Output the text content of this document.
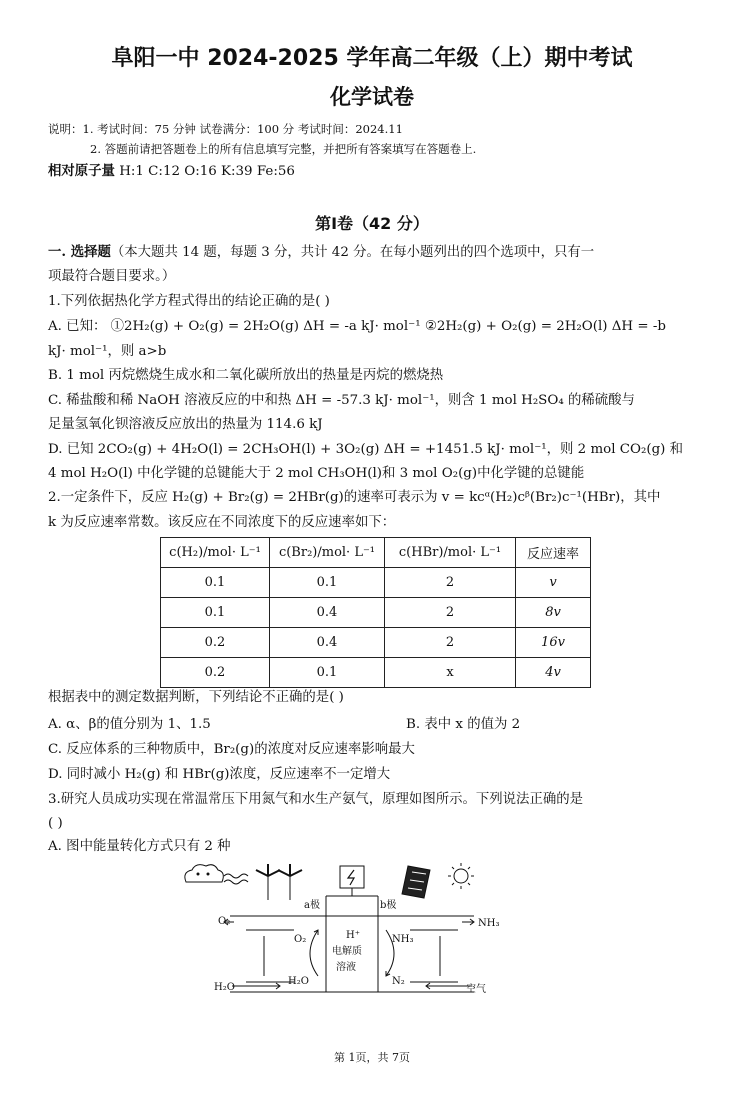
阜阳一中 2024-2025 学年高二年级（上）期中考试
化学试卷
说明：1. 考试时间：75 分钟 试卷满分：100 分 考试时间：2024.11
2. 答题前请把答题卷上的所有信息填写完整，并把所有答案填写在答题卷上.
相对原子量 H:1 C:12 O:16 K:39 Fe:56
第Ⅰ卷（42 分）
一. 选择题（本大题共 14 题，每题 3 分，共计 42 分。在每小题列出的四个选项中，只有一
项最符合题目要求。）
1.下列依据热化学方程式得出的结论正确的是( )
A. 已知： ①2H₂(g) + O₂(g) = 2H₂O(g) ΔH = -a kJ· mol⁻¹ ②2H₂(g) + O₂(g) = 2H₂O(l) ΔH = -b
kJ· mol⁻¹，则 a>b
B. 1 mol 丙烷燃烧生成水和二氧化碳所放出的热量是丙烷的燃烧热
C. 稀盐酸和稀 NaOH 溶液反应的中和热 ΔH = -57.3 kJ· mol⁻¹，则含 1 mol H₂SO₄ 的稀硫酸与
足量氢氧化钡溶液反应放出的热量为 114.6 kJ
D. 已知 2CO₂(g) + 4H₂O(l) = 2CH₃OH(l) + 3O₂(g) ΔH = +1451.5 kJ· mol⁻¹，则 2 mol CO₂(g) 和
4 mol H₂O(l) 中化学键的总键能大于 2 mol CH₃OH(l)和 3 mol O₂(g)中化学键的总键能
2.一定条件下，反应 H₂(g) + Br₂(g) = 2HBr(g)的速率可表示为 v = kcᵅ(H₂)cᵝ(Br₂)c⁻¹(HBr)，其中
k 为反应速率常数。该反应在不同浓度下的反应速率如下：
c(H₂)/mol· L⁻¹	c(Br₂)/mol· L⁻¹	c(HBr)/mol· L⁻¹	反应速率
0.1	0.1	2	v
0.1	0.4	2	8v
0.2	0.4	2	16v
0.2	0.1	x	4v
根据表中的测定数据判断，下列结论不正确的是( )
A. α、β的值分别为 1、1.5	B. 表中 x 的值为 2
C. 反应体系的三种物质中，Br₂(g)的浓度对反应速率影响最大
D. 同时减小 H₂(g) 和 HBr(g)浓度，反应速率不一定增大
3.研究人员成功实现在常温常压下用氮气和水生产氨气，原理如图所示。下列说法正确的是
( )
A. 图中能量转化方式只有 2 种
a极	b极
H⁺
电解质
溶液
O₂
O₂
H₂O
H₂O
NH₃
NH₃
N₂
空气
第 1页，共 7页
